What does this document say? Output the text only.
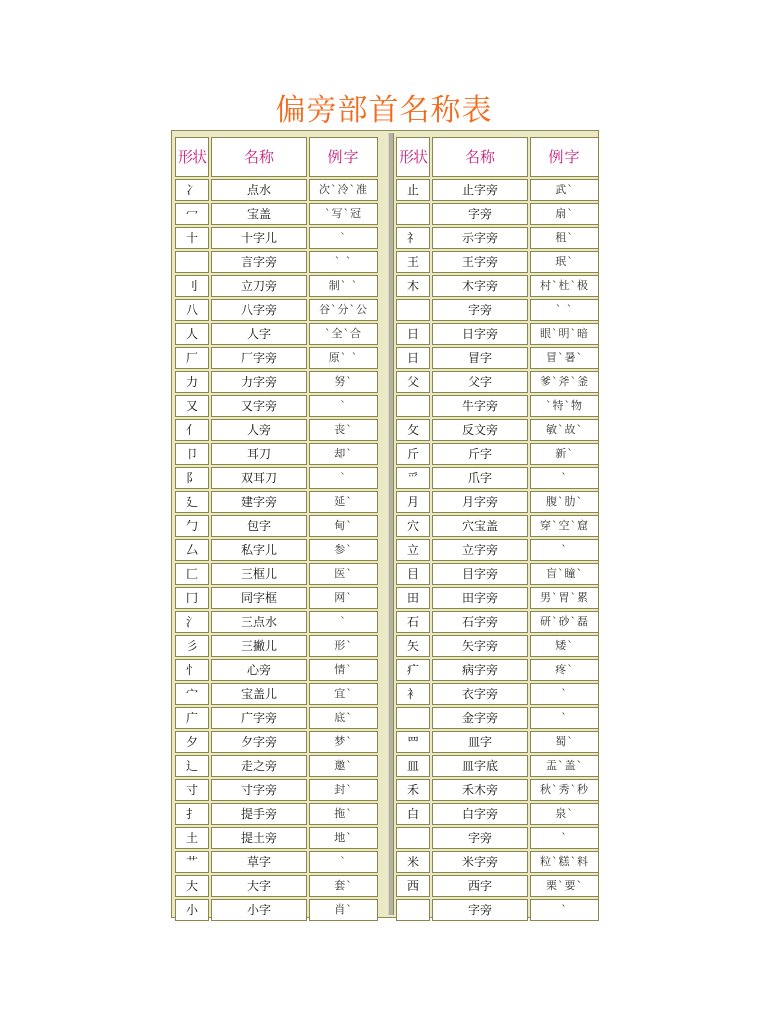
偏旁部首名称表
形状	名称	例字
冫	点水	次`冷`准
冖	宝盖	`写`冠
十	十字儿	`
	言字旁	` `
刂	立刀旁	制` `
八	八字旁	谷`分`公
人	人字	`全`合
厂	厂字旁	原` `
力	力字旁	努`
又	又字旁	`
亻	人旁	丧`
卩	耳刀	却`
阝	双耳刀	`
廴	建字旁	延`
勹	包字	甸`
厶	私字儿	参`
匚	三框儿	医`
冂	同字框	网`
氵	三点水	`
彡	三撇儿	形`
忄	心旁	情`
宀	宝盖儿	宜`
广	广字旁	底`
夕	夕字旁	梦`
辶	走之旁	邀`
寸	寸字旁	封`
扌	提手旁	拖`
土	提土旁	地`
艹	草字	`
大	大字	套`
小	小字	肖`
形状	名称	例字
止	止字旁	武`
	字旁	扇`
礻	示字旁	租`
王	王字旁	珉`
木	木字旁	村`杜`极
	字旁	` `
日	日字旁	眼`明`暗
日	冒字	冒`暑`
父	父字	爹`斧`釜
	牛字旁	`特`物
攵	反文旁	敏`故`
斤	斤字	新`
爫	爪字	`
月	月字旁	腹`肋`
穴	穴宝盖	穿`空`窟
立	立字旁	`
目	目字旁	盲`瞳`
田	田字旁	男`胃`累
石	石字旁	研`砂`磊
矢	矢字旁	矮`
疒	病字旁	疼`
衤	衣字旁	`
	金字旁	`
罒	皿字	蜀`
皿	皿字底	盂`盖`
禾	禾木旁	秋`秀`秒
白	白字旁	泉`
	字旁	`
米	米字旁	粒`糕`料
西	西字	栗`要`
	字旁	`
